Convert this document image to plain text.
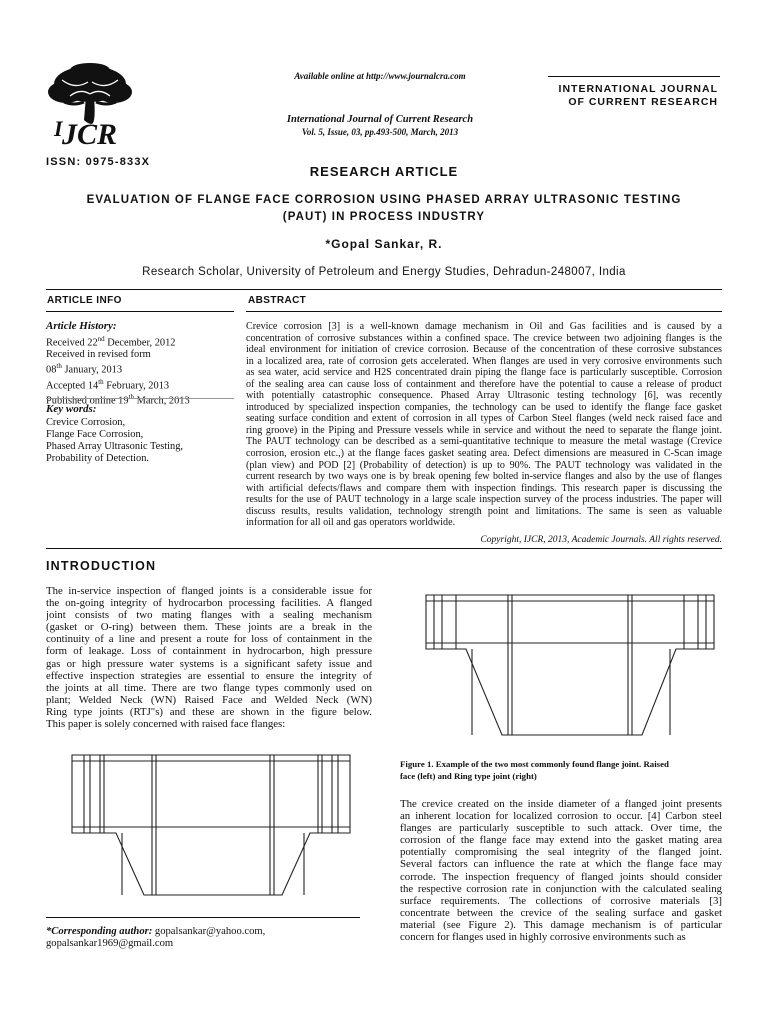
JCR
I
Available online at http://www.journalcra.com
International Journal of Current Research
Vol. 5, Issue, 03, pp.493-500, March, 2013
INTERNATIONAL JOURNAL
OF CURRENT RESEARCH
ISSN: 0975-833X
RESEARCH ARTICLE
EVALUATION OF FLANGE FACE CORROSION USING PHASED ARRAY ULTRASONIC TESTING
(PAUT) IN PROCESS INDUSTRY
*Gopal Sankar, R.
Research Scholar, University of Petroleum and Energy Studies, Dehradun-248007, India
ARTICLE INFO	ABSTRACT
Article History:
Received 22nd December, 2012
Received in revised form
08th January, 2013
Accepted 14th February, 2013
Published online 19th March, 2013
Key words:
Crevice Corrosion,
Flange Face Corrosion,
Phased Array Ultrasonic Testing,
Probability of Detection.
Crevice corrosion [3] is a well-known damage mechanism in Oil and Gas facilities and is caused by a
concentration of corrosive substances within a confined space. The crevice between two adjoining flanges is the
ideal environment for initiation of crevice corrosion. Because of the concentration of these corrosive substances
in a localized area, rate of corrosion gets accelerated. When flanges are used in very corrosive environments such
as sea water, acid service and H2S concentrated drain piping the flange face is particularly susceptible. Corrosion
of the sealing area can cause loss of containment and therefore have the potential to cause a release of product
with potentially catastrophic consequence. Phased Array Ultrasonic testing technology [6], was recently
introduced by specialized inspection companies, the technology can be used to identify the flange face gasket
seating surface condition and extent of corrosion in all types of Carbon Steel flanges (weld neck raised face and
ring groove) in the Piping and Pressure vessels while in service and without the need to separate the flange joint.
The PAUT technology can be described as a semi-quantitative technique to measure the metal wastage (Crevice
corrosion, erosion etc.,) at the flange faces gasket seating area. Defect dimensions are measured in C-Scan image
(plan view) and POD [2] (Probability of detection) is up to 90%. The PAUT technology was validated in the
current research by two ways one is by break opening few bolted in-service flanges and also by the use of flanges
with artificial defects/flaws and compare them with inspection findings. This research paper is discussing the
results for the use of PAUT technology in a large scale inspection survey of the process industries. The paper will
discuss results, results validation, technology strength point and limitations. The same is seen as valuable
information for all oil and gas operators worldwide.
Copyright, IJCR, 2013, Academic Journals. All rights reserved.
INTRODUCTION
The in-service inspection of flanged joints is a considerable issue for
the on-going integrity of hydrocarbon processing facilities. A flanged
joint consists of two mating flanges with a sealing mechanism
(gasket or O-ring) between them. These joints are a break in the
continuity of a line and present a route for loss of containment in the
form of leakage. Loss of containment in hydrocarbon, high pressure
gas or high pressure water systems is a significant safety issue and
effective inspection strategies are essential to ensure the integrity of
the joints at all time. There are two flange types commonly used on
plant; Welded Neck (WN) Raised Face and Welded Neck (WN)
Ring type joints (RTJ"s) and these are shown in the figure below.
This paper is solely concerned with raised face flanges:
Figure 1. Example of the two most commonly found flange joint. Raised
face (left) and Ring type joint (right)
The crevice created on the inside diameter of a flanged joint presents
an inherent location for localized corrosion to occur. [4] Carbon steel
flanges are particularly susceptible to such attack. Over time, the
corrosion of the flange face may extend into the gasket mating area
potentially compromising the seal integrity of the flanged joint.
Several factors can influence the rate at which the flange face may
corrode. The inspection frequency of flanged joints should consider
the respective corrosion rate in conjunction with the calculated sealing
surface requirements. The collections of corrosive materials [3]
concentrate between the crevice of the sealing surface and gasket
material (see Figure 2). This damage mechanism is of particular
concern for flanges used in highly corrosive environments such as
*Corresponding author: gopalsankar@yahoo.com,
gopalsankar1969@gmail.com
